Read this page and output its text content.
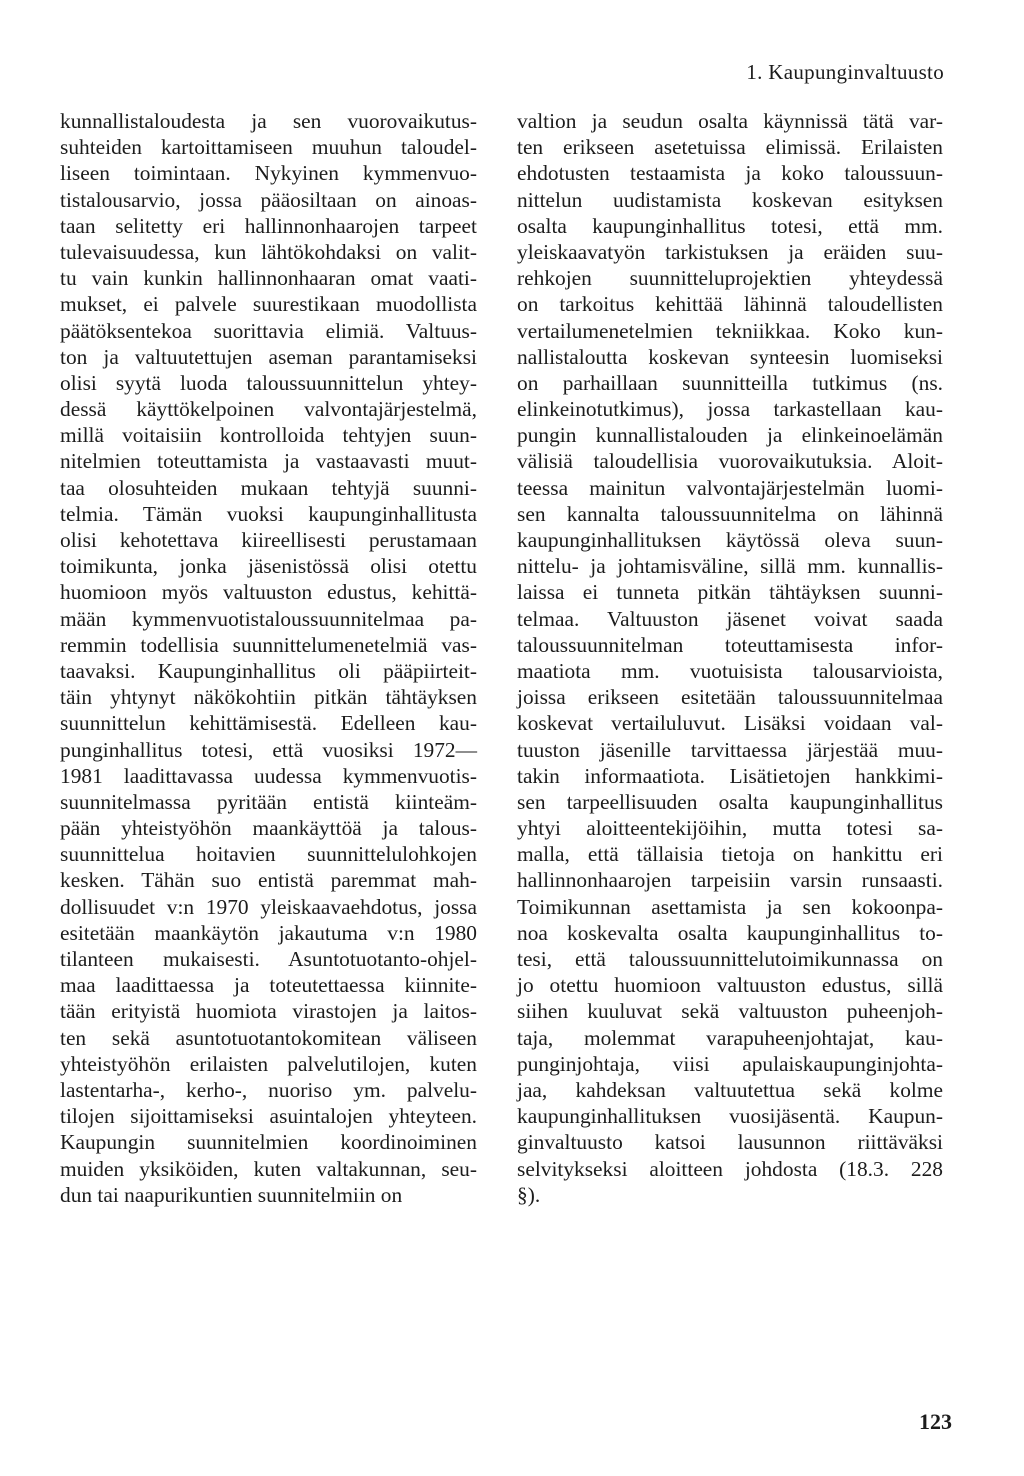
1. Kaupunginvaltuusto

kunnallistaloudesta ja sen vuorovaikutus-
suhteiden kartoittamiseen muuhun taloudel-
liseen toimintaan. Nykyinen kymmenvuo-
tistalousarvio, jossa pääosiltaan on ainoas-
taan selitetty eri hallinnonhaarojen tarpeet
tulevaisuudessa, kun lähtökohdaksi on valit-
tu vain kunkin hallinnonhaaran omat vaati-
mukset, ei palvele suurestikaan muodollista
päätöksentekoa suorittavia elimiä. Valtuus-
ton ja valtuutettujen aseman parantamiseksi
olisi syytä luoda taloussuunnittelun yhtey-
dessä käyttökelpoinen valvontajärjestelmä,
millä voitaisiin kontrolloida tehtyjen suun-
nitelmien toteuttamista ja vastaavasti muut-
taa olosuhteiden mukaan tehtyjä suunni-
telmia. Tämän vuoksi kaupunginhallitusta
olisi kehotettava kiireellisesti perustamaan
toimikunta, jonka jäsenistössä olisi otettu
huomioon myös valtuuston edustus, kehittä-
mään kymmenvuotistaloussuunnitelmaa pa-
remmin todellisia suunnittelumenetelmiä vas-
taavaksi. Kaupunginhallitus oli pääpiirteit-
täin yhtynyt näkökohtiin pitkän tähtäyksen
suunnittelun kehittämisestä. Edelleen kau-
punginhallitus totesi, että vuosiksi 1972—
1981 laadittavassa uudessa kymmenvuotis-
suunnitelmassa pyritään entistä kiinteäm-
pään yhteistyöhön maankäyttöä ja talous-
suunnittelua hoitavien suunnittelulohkojen
kesken. Tähän suo entistä paremmat mah-
dollisuudet v:n 1970 yleiskaavaehdotus, jossa
esitetään maankäytön jakautuma v:n 1980
tilanteen mukaisesti. Asuntotuotanto-ohjel-
maa laadittaessa ja toteutettaessa kiinnite-
tään erityistä huomiota virastojen ja laitos-
ten sekä asuntotuotantokomitean väliseen
yhteistyöhön erilaisten palvelutilojen, kuten
lastentarha-, kerho-, nuoriso ym. palvelu-
tilojen sijoittamiseksi asuintalojen yhteyteen.
Kaupungin suunnitelmien koordinoiminen
muiden yksiköiden, kuten valtakunnan, seu-
dun tai naapurikuntien suunnitelmiin on
valtion ja seudun osalta käynnissä tätä var-
ten erikseen asetetuissa elimissä. Erilaisten
ehdotusten testaamista ja koko taloussuun-
nittelun uudistamista koskevan esityksen
osalta kaupunginhallitus totesi, että mm.
yleiskaavatyön tarkistuksen ja eräiden suu-
rehkojen suunnitteluprojektien yhteydessä
on tarkoitus kehittää lähinnä taloudellisten
vertailumenetelmien tekniikkaa. Koko kun-
nallistaloutta koskevan synteesin luomiseksi
on parhaillaan suunnitteilla tutkimus (ns.
elinkeinotutkimus), jossa tarkastellaan kau-
pungin kunnallistalouden ja elinkeinoelämän
välisiä taloudellisia vuorovaikutuksia. Aloit-
teessa mainitun valvontajärjestelmän luomi-
sen kannalta taloussuunnitelma on lähinnä
kaupunginhallituksen käytössä oleva suun-
nittelu- ja johtamisväline, sillä mm. kunnallis-
laissa ei tunneta pitkän tähtäyksen suunni-
telmaa. Valtuuston jäsenet voivat saada
taloussuunnitelman toteuttamisesta infor-
maatiota mm. vuotuisista talousarvioista,
joissa erikseen esitetään taloussuunnitelmaa
koskevat vertailuluvut. Lisäksi voidaan val-
tuuston jäsenille tarvittaessa järjestää muu-
takin informaatiota. Lisätietojen hankkimi-
sen tarpeellisuuden osalta kaupunginhallitus
yhtyi aloitteentekijöihin, mutta totesi sa-
malla, että tällaisia tietoja on hankittu eri
hallinnonhaarojen tarpeisiin varsin runsaasti.
Toimikunnan asettamista ja sen kokoonpa-
noa koskevalta osalta kaupunginhallitus to-
tesi, että taloussuunnittelutoimikunnassa on
jo otettu huomioon valtuuston edustus, sillä
siihen kuuluvat sekä valtuuston puheenjoh-
taja, molemmat varapuheenjohtajat, kau-
punginjohtaja, viisi apulaiskaupunginjohta-
jaa, kahdeksan valtuutettua sekä kolme
kaupunginhallituksen vuosijäsentä. Kaupun-
ginvaltuusto katsoi lausunnon riittäväksi
selvitykseksi aloitteen johdosta (18.3. 228
§).

123
